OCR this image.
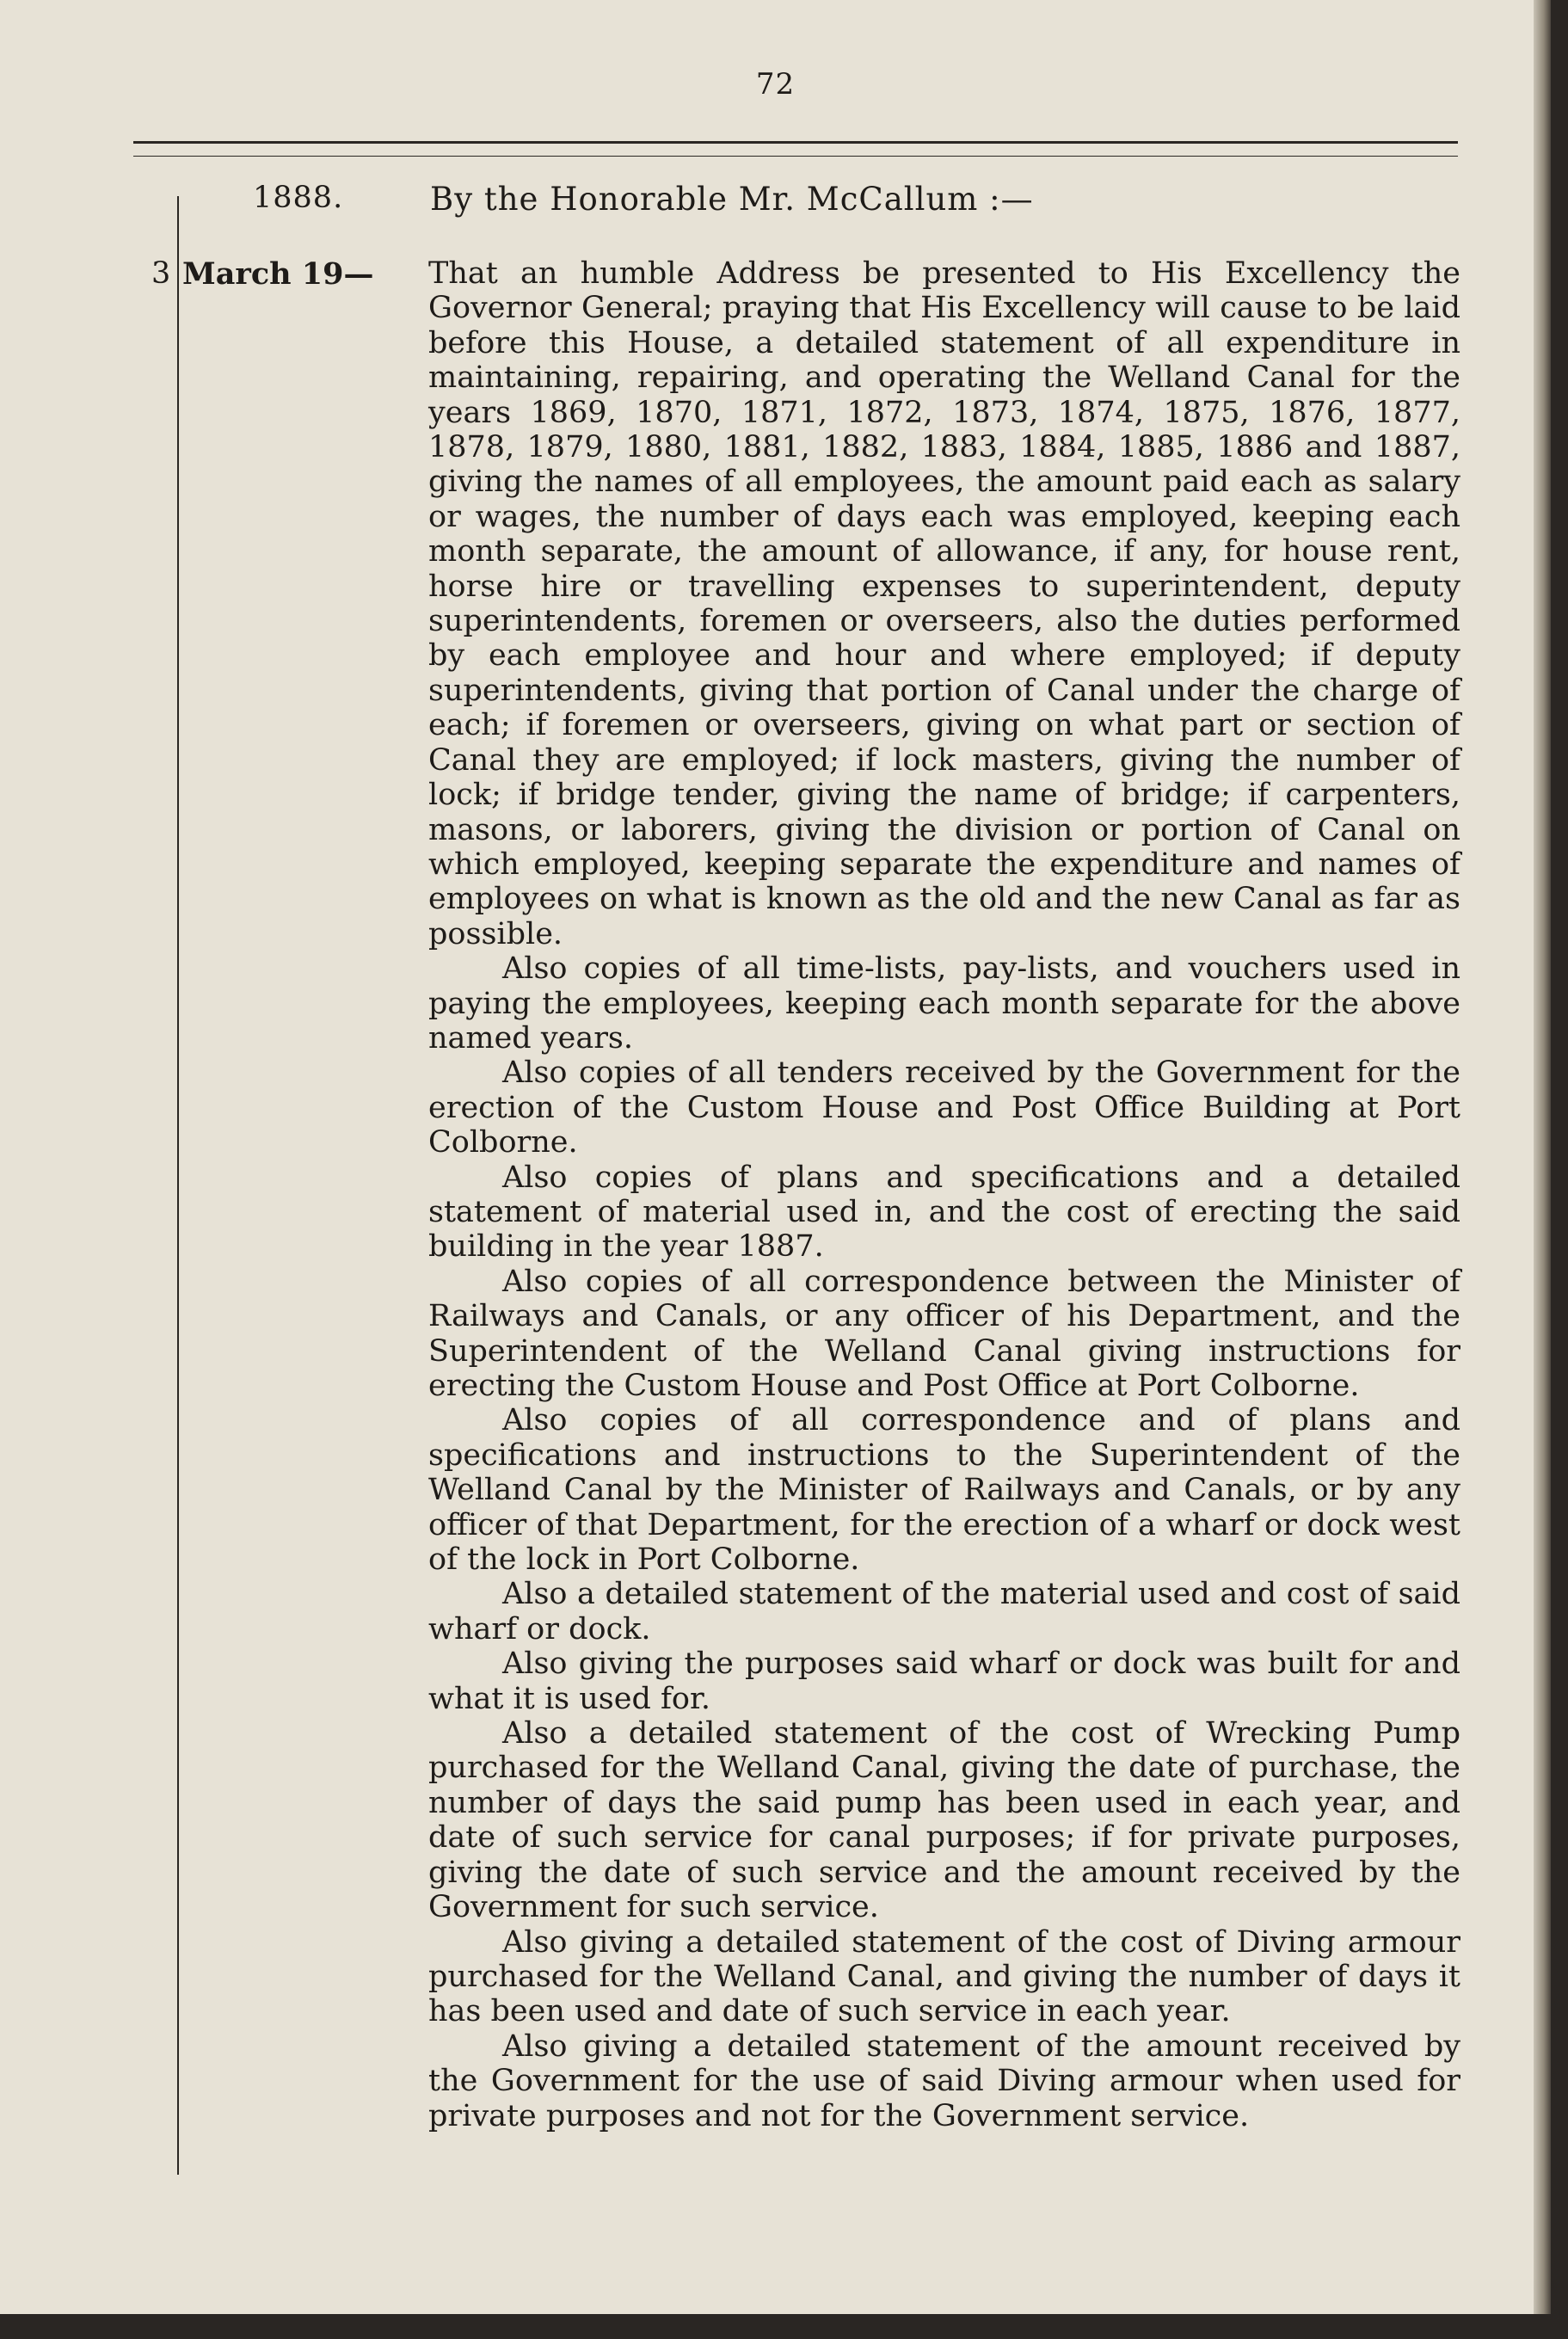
72
1888.	By the Honorable Mr. McCallum :—
3 March 19— That an humble Address be presented to His Excellency the Governor General; praying that His Excellency will cause to be laid before this House, a detailed statement of all expenditure in maintaining, repairing, and operating the Welland Canal for the years 1869, 1870, 1871, 1872, 1873, 1874, 1875, 1876, 1877, 1878, 1879, 1880, 1881, 1882, 1883, 1884, 1885, 1886 and 1887, giving the names of all employees, the amount paid each as salary or wages, the number of days each was employed, keeping each month separate, the amount of allowance, if any, for house rent, horse hire or travelling expenses to superintendent, deputy superintendents, foremen or overseers, also the duties performed by each employee and hour and where employed; if deputy superintendents, giving that portion of Canal under the charge of each; if foremen or overseers, giving on what part or section of Canal they are employed; if lock masters, giving the number of lock; if bridge tender, giving the name of bridge; if carpenters, masons, or laborers, giving the division or portion of Canal on which employed, keeping separate the expenditure and names of employees on what is known as the old and the new Canal as far as possible.

Also copies of all time-lists, pay-lists, and vouchers used in paying the employees, keeping each month separate for the above named years.

Also copies of all tenders received by the Government for the erection of the Custom House and Post Office Building at Port Colborne.

Also copies of plans and specifications and a detailed statement of material used in, and the cost of erecting the said building in the year 1887.

Also copies of all correspondence between the Minister of Railways and Canals, or any officer of his Department, and the Superintendent of the Welland Canal giving instructions for erecting the Custom House and Post Office at Port Colborne.

Also copies of all correspondence and of plans and specifications and instructions to the Superintendent of the Welland Canal by the Minister of Railways and Canals, or by any officer of that Department, for the erection of a wharf or dock west of the lock in Port Colborne.

Also a detailed statement of the material used and cost of said wharf or dock.

Also giving the purposes said wharf or dock was built for and what it is used for.

Also a detailed statement of the cost of Wrecking Pump purchased for the Welland Canal, giving the date of purchase, the number of days the said pump has been used in each year, and date of such service for canal purposes; if for private purposes, giving the date of such service and the amount received by the Government for such service.

Also giving a detailed statement of the cost of Diving armour purchased for the Welland Canal, and giving the number of days it has been used and date of such service in each year.

Also giving a detailed statement of the amount received by the Government for the use of said Diving armour when used for private purposes and not for the Government service.
